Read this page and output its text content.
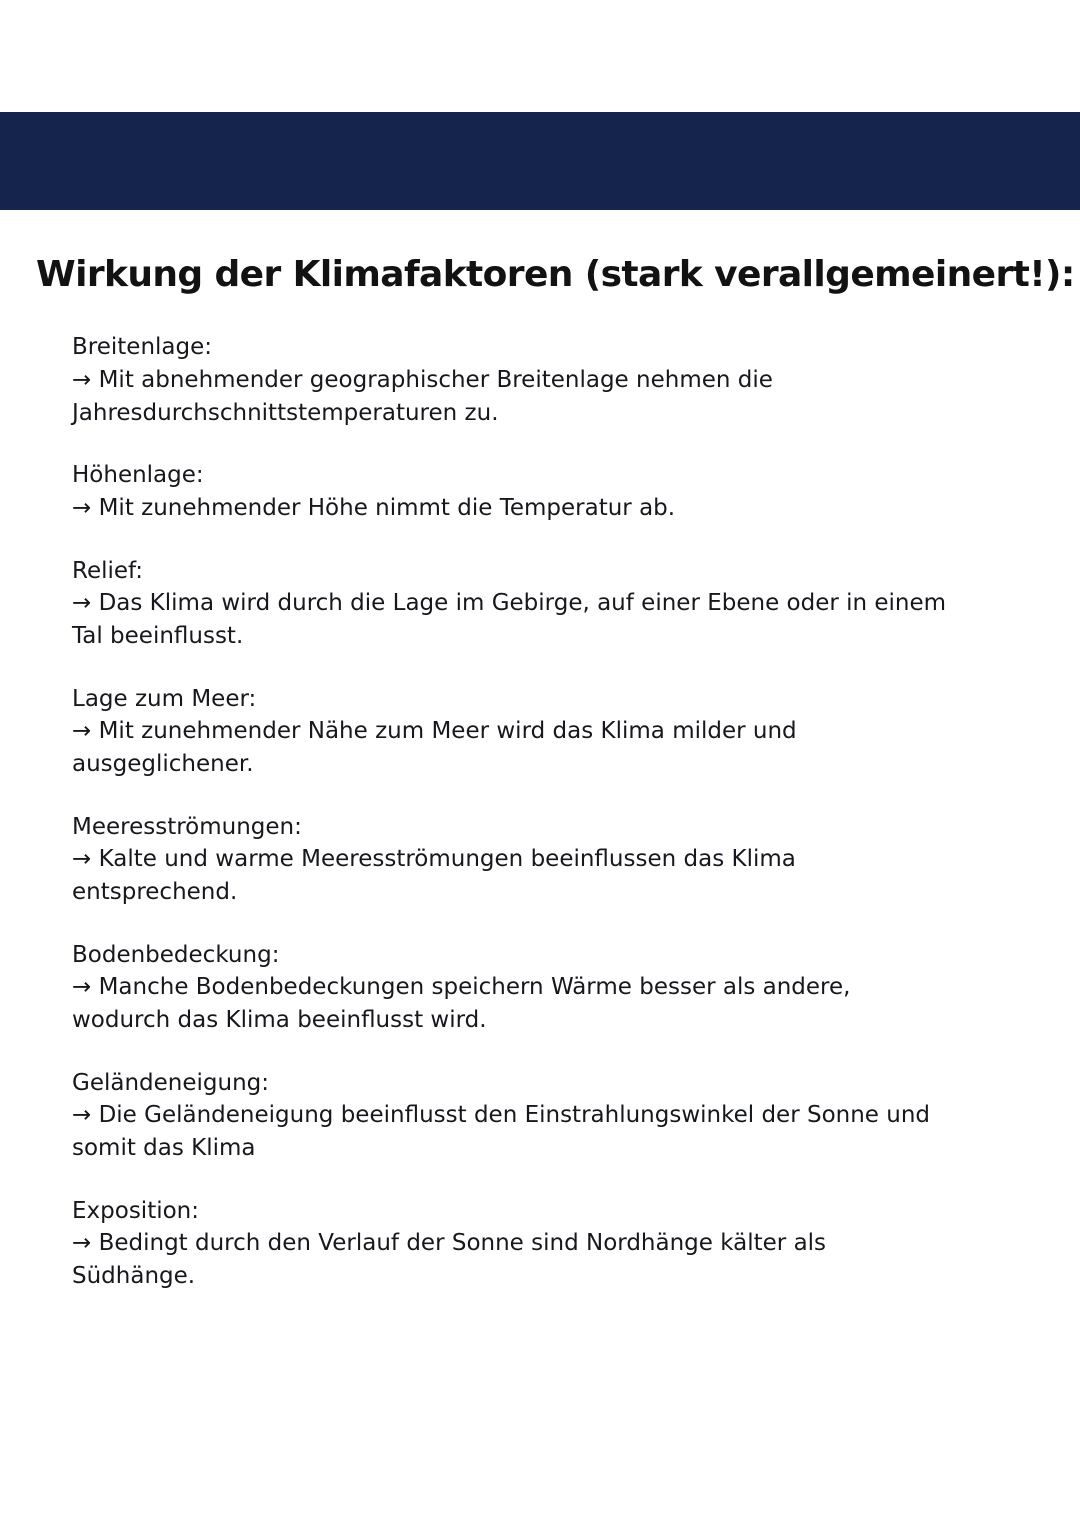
Wirkung der Klimafaktoren (stark verallgemeinert!):
Breitenlage:
→ Mit abnehmender geographischer Breitenlage nehmen die Jahresdurchschnittstemperaturen zu.
Höhenlage:
→ Mit zunehmender Höhe nimmt die Temperatur ab.
Relief:
→ Das Klima wird durch die Lage im Gebirge, auf einer Ebene oder in einem Tal beeinflusst.
Lage zum Meer:
→ Mit zunehmender Nähe zum Meer wird das Klima milder und ausgeglichener.
Meeresströmungen:
→ Kalte und warme Meeresströmungen beeinflussen das Klima entsprechend.
Bodenbedeckung:
→ Manche Bodenbedeckungen speichern Wärme besser als andere, wodurch das Klima beeinflusst wird.
Geländeneigung:
→ Die Geländeneigung beeinflusst den Einstrahlungswinkel der Sonne und somit das Klima
Exposition:
→ Bedingt durch den Verlauf der Sonne sind Nordhänge kälter als Südhänge.
